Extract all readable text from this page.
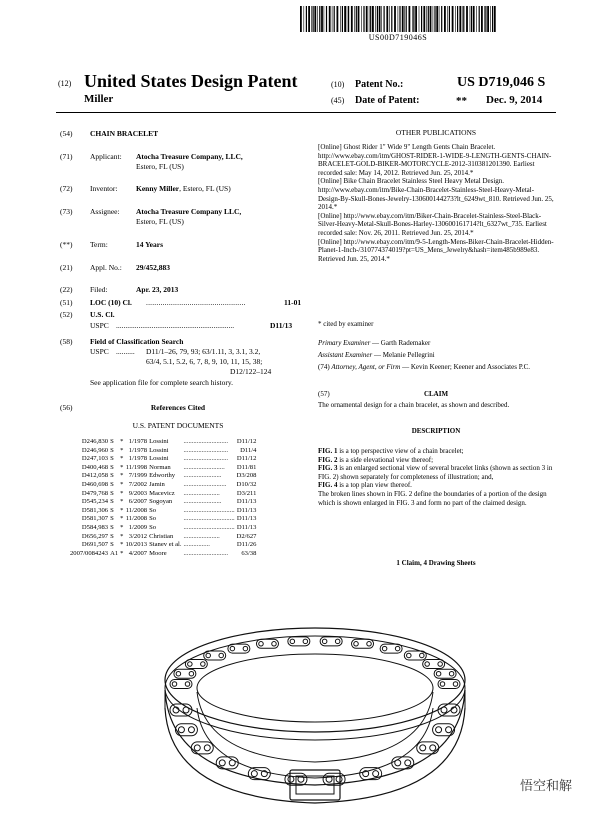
US00D719046S
(12) United States Design Patent
Miller
(10) Patent No.:	US D719,046 S
(45) Date of Patent:	** Dec. 9, 2014
(54) CHAIN BRACELET
(71) Applicant: Atocha Treasure Company, LLC,
Estero, FL (US)
(72) Inventor: Kenny Miller, Estero, FL (US)
(73) Assignee: Atocha Treasure Company LLC,
Estero, FL (US)
(**) Term:	14 Years
(21) Appl. No.: 29/452,883
(22) Filed:	Apr. 23, 2013
(51) LOC (10) Cl. ................................................	11-01
(52) U.S. Cl.
USPC ...............................................................	D11/13
(58) Field of Classification Search
USPC .......... D11/1–26, 79, 93; 63/1.11, 3, 3.1, 3.2,
63/4, 5.1, 5.2, 6, 7, 8, 9, 10, 11, 15, 38;
D12/122–124
See application file for complete search history.
(56)	References Cited
U.S. PATENT DOCUMENTS
D246,830	S	*	1/1978	Lossini	...........................	D11/12
D246,960	S	*	1/1978	Lossini	...........................	D11/4
D247,103	S	*	1/1978	Lossini	...........................	D11/12
D400,468	S	*	11/1998	Norman	.........................	D11/81
D412,058	S	*	7/1999	Edworthy	.......................	D3/208
D460,698	S	*	7/2002	Jamin	..........................	D10/32
D479,768	S	*	9/2003	Macevicz	......................	D3/211
D545,234	S	*	6/2007	Sogoyan	.......................	D11/13
D581,306	S	*	11/2008	So	...............................	D11/13
D581,307	S	*	11/2008	So	...............................	D11/13
D584,983	S	*	1/2009	So	...............................	D11/13
D656,297	S	*	3/2012	Christian	......................	D2/627
D691,507	S	*	10/2013	Stanev et al.	................	D11/26
2007/0084243	A1	*	4/2007	Moore	...........................	63/38
OTHER PUBLICATIONS
[Online] Ghost Rider 1" Wide 9" Length Gents Chain Bracelet. http://www.ebay.com/itm/GHOST-RIDER-1-WIDE-9-LENGTH-GENTS-CHAIN-BRACELET-GOLD-BIKER-MOTORCYCLE-2012-310381201390. Earliest recorded sale: May 14, 2012. Retrieved Jun. 25, 2014.*
[Online] Bike Chain Bracelet Stainless Steel Heavy Metal Design. http://www.ebay.com/itm/Bike-Chain-Bracelet-Stainless-Steel-Heavy-Metal-Design-By-Skull-Bones-Jewelry-130600144273?lt_6249wt_810. Retrieved Jun. 25, 2014.*
[Online] http://www.ebay.com/itm/Biker-Chain-Bracelet-Stainless-Steel-Black-Silver-Heavy-Metal-Skull-Bones-Harley-130600161714?lt_6327wt_735. Earliest recorded sale: Nov. 26, 2011. Retrieved Jun. 25, 2014.*
[Online] http://www.ebay.com/itm/9-5-Length-Mens-Biker-Chain-Bracelet-Hidden-Planet-1-Inch-/310774374019?pt=US_Mens_Jewelry&hash=item485b989e83. Retrieved Jun. 25, 2014.*
* cited by examiner
Primary Examiner — Garth Rademaker
Assistant Examiner — Melanie Pellegrini
(74) Attorney, Agent, or Firm — Kevin Keener; Keener and Associates P.C.
(57)	CLAIM
The ornamental design for a chain bracelet, as shown and described.
DESCRIPTION
FIG. 1 is a top perspective view of a chain bracelet;
FIG. 2 is a side elevational view thereof;
FIG. 3 is an enlarged sectional view of several bracelet links (shown as section 3 in FIG. 2) shown separately for completeness of illustration; and,
FIG. 4 is a top plan view thereof.
The broken lines shown in FIG. 2 define the boundaries of a portion of the design which is shown enlarged in FIG. 3 and form no part of the claimed design.
1 Claim, 4 Drawing Sheets
悟空和解
